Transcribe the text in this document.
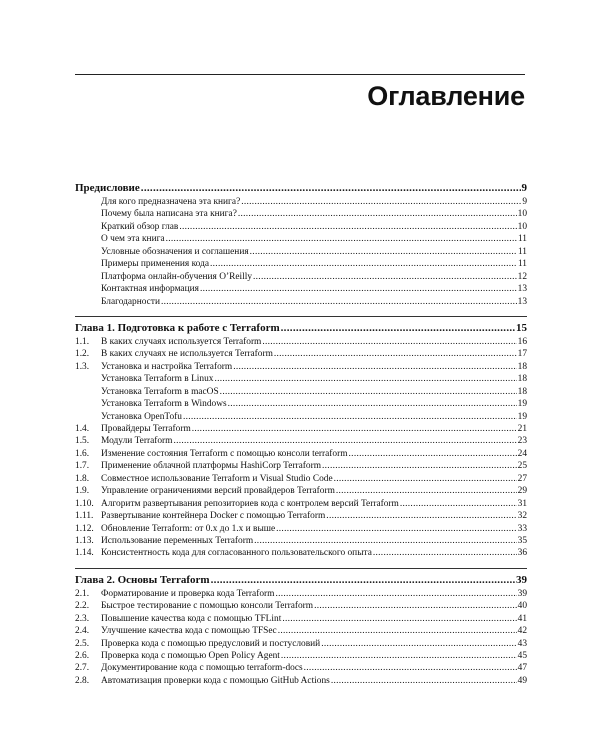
Оглавление
Предисловие .....	9
Для кого предназначена эта книга? .....	9
Почему была написана эта книга? .....	10
Краткий обзор глав .....	10
О чем эта книга .....	11
Условные обозначения и соглашения .....	11
Примеры применения кода .....	11
Платформа онлайн-обучения O’Reilly .....	12
Контактная информация .....	13
Благодарности .....	13
Глава 1. Подготовка к работе с Terraform .....	15
1.1.	В каких случаях используется Terraform .....	16
1.2.	В каких случаях не используется Terraform .....	17
1.3.	Установка и настройка Terraform .....	18
Установка Terraform в Linux .....	18
Установка Terraform в macOS .....	18
Установка Terraform в Windows .....	19
Установка OpenTofu .....	19
1.4.	Провайдеры Terraform .....	21
1.5.	Модули Terraform .....	23
1.6.	Изменение состояния Terraform с помощью консоли terraform .....	24
1.7.	Применение облачной платформы HashiCorp Terraform .....	25
1.8.	Совместное использование Terraform и Visual Studio Code .....	27
1.9.	Управление ограничениями версий провайдеров Terraform .....	29
1.10. Алгоритм развертывания репозиториев кода с контролем версий Terraform .....	31
1.11. Развертывание контейнера Docker с помощью Terraform .....	32
1.12. Обновление Terraform: от 0.x до 1.x и выше .....	33
1.13. Использование переменных Terraform .....	35
1.14. Консистентность кода для согласованного пользовательского опыта .....	36
Глава 2. Основы Terraform .....	39
2.1.	Форматирование и проверка кода Terraform .....	39
2.2.	Быстрое тестирование с помощью консоли Terraform .....	40
2.3.	Повышение качества кода с помощью TFLint .....	41
2.4.	Улучшение качества кода с помощью TFSec .....	42
2.5.	Проверка кода с помощью предусловий и постусловий .....	43
2.6.	Проверка кода с помощью Open Policy Agent .....	45
2.7.	Документирование кода с помощью terraform-docs .....	47
2.8.	Автоматизация проверки кода с помощью GitHub Actions .....	49
